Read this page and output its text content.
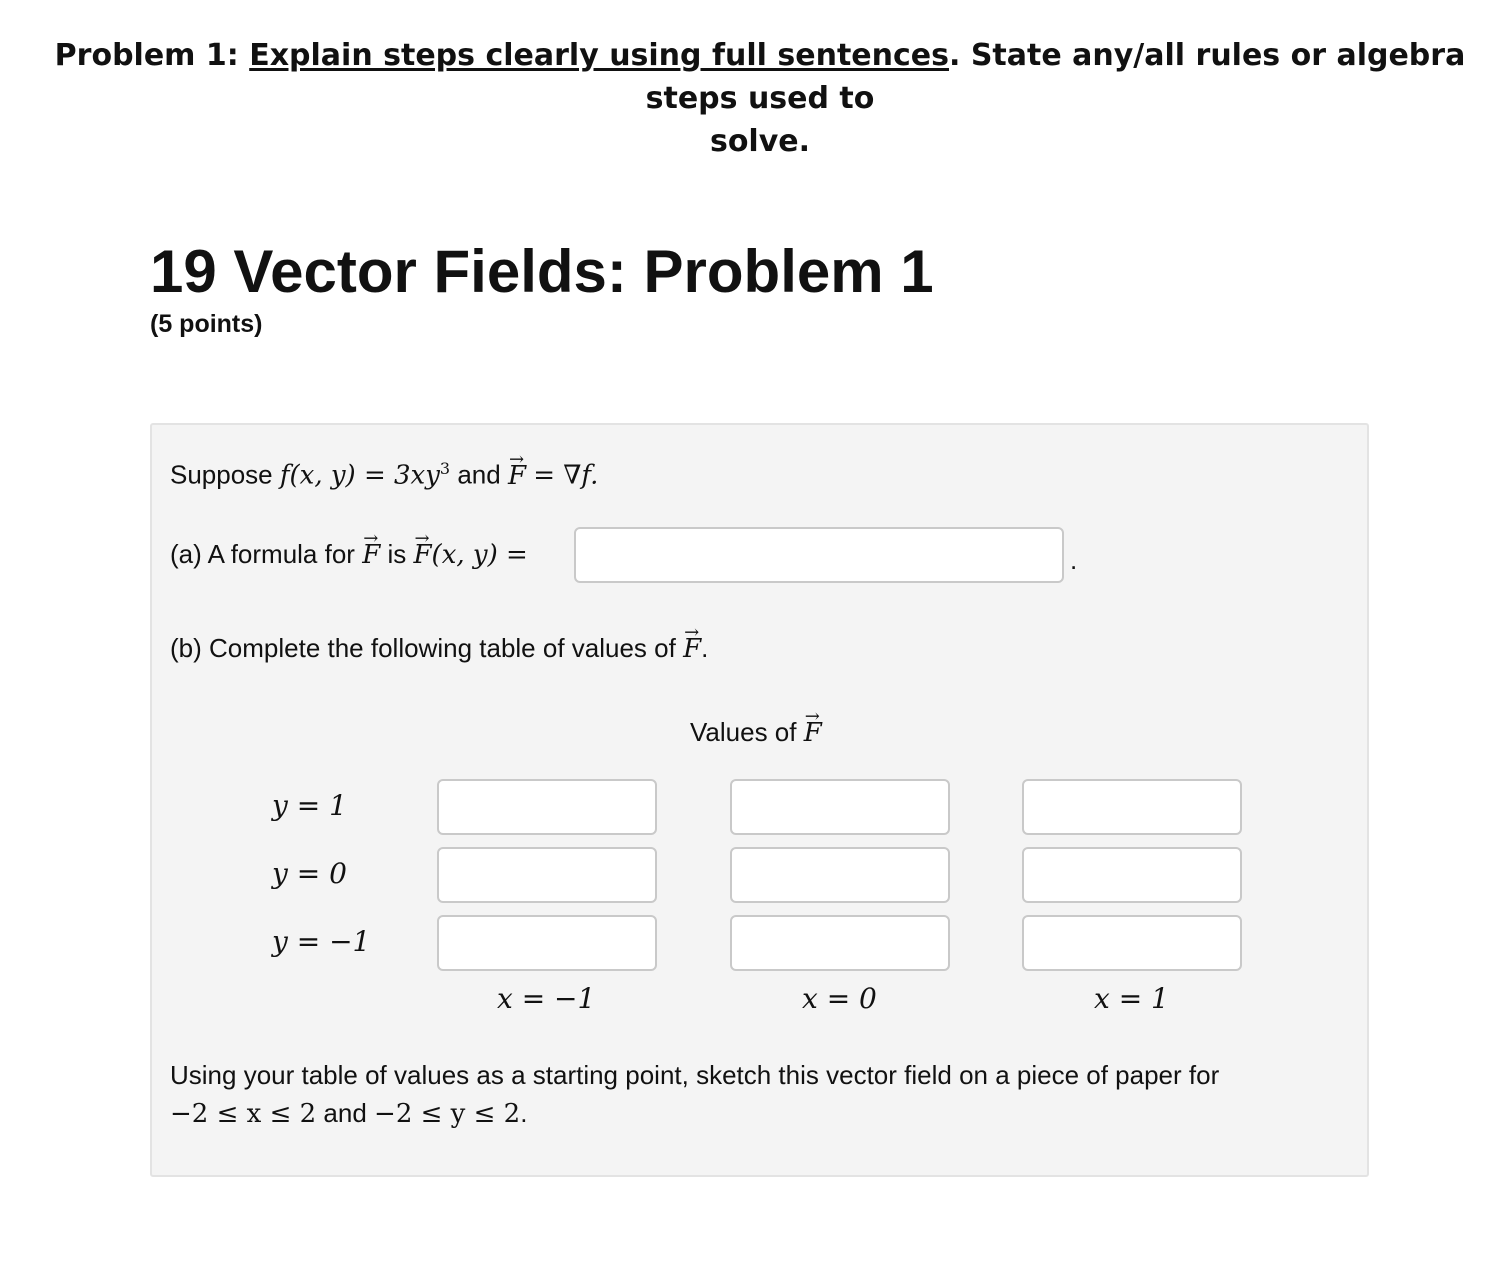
Problem 1: Explain steps clearly using full sentences. State any/all rules or algebra steps used to
solve.
19 Vector Fields: Problem 1
(5 points)
Suppose f(x, $y) = 3xy^3$ and → F = ∇f.
(a) A formula for → F is → F(x, y) =	.
(b) Complete the following table of values of → F.
Values of → F
y = 1
y = 0
y = −1
x = −1	x = 0	x = 1
Using your table of values as a starting point, sketch this vector field on a piece of paper for
−2 ≤ x ≤ 2 and −2 ≤ y ≤ 2.
